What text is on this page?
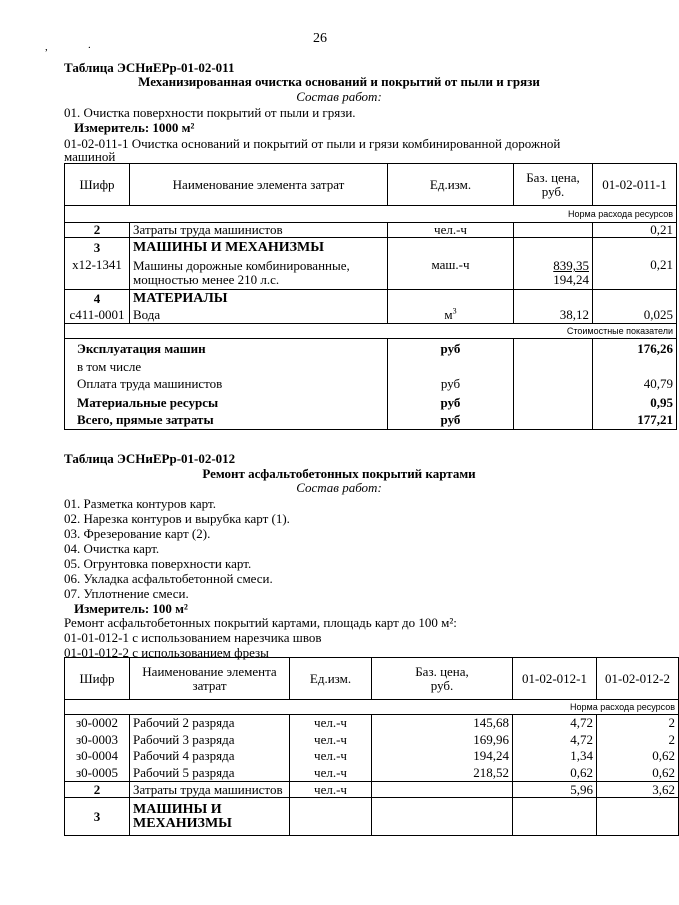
26
,	.
Таблица ЭСНиЕРр-01-02-011
Механизированная очистка оснований и покрытий от пыли и грязи
Состав работ:
01. Очистка поверхности покрытий от пыли и грязи.
Измеритель: 1000 м²
01-02-011-1 Очистка оснований и покрытий от пыли и грязи комбинированной дорожной
машиной
Шифр	Наименование элемента затрат	Ед.изм.	Баз. цена,
руб.	01-02-011-1
Норма расхода ресурсов				
2	Затраты труда машинистов	чел.-ч		0,21
3	МАШИНЫ И МЕХАНИЗМЫ			
х12-1341	Машины дорожные комбинированные,
мощностью менее 210 л.с.	маш.-ч	839,35
194,24	0,21
4	МАТЕРИАЛЫ			
с411-0001	Вода	$м^3$	38,12	0,025
Стоимостные показатели				
Эксплуатация машин		руб		176,26
в том числе				
Оплата труда машинистов		руб		40,79
Материальные ресурсы		руб		0,95
Всего, прямые затраты		руб		177,21
Таблица ЭСНиЕРр-01-02-012
Ремонт асфальтобетонных покрытий картами
Состав работ:
01. Разметка контуров карт.
02. Нарезка контуров и вырубка карт (1).
03. Фрезерование карт (2).
04. Очистка карт.
05. Огрунтовка поверхности карт.
06. Укладка асфальтобетонной смеси.
07. Уплотнение смеси.
Измеритель: 100 м²
Ремонт асфальтобетонных покрытий картами, площадь карт до 100 м²:
01-01-012-1 с использованием нарезчика швов
01-01-012-2 с использованием фрезы
Шифр	Наименование элемента
затрат	Ед.изм.	Баз. цена,
руб.	01-02-012-1	01-02-012-2
Норма расхода ресурсов					
з0-0002	Рабочий 2 разряда	чел.-ч	145,68	4,72	2
з0-0003	Рабочий 3 разряда	чел.-ч	169,96	4,72	2
з0-0004	Рабочий 4 разряда	чел.-ч	194,24	1,34	0,62
з0-0005	Рабочий 5 разряда	чел.-ч	218,52	0,62	0,62
2	Затраты труда машинистов	чел.-ч		5,96	3,62
3	МАШИНЫ И
МЕХАНИЗМЫ				
